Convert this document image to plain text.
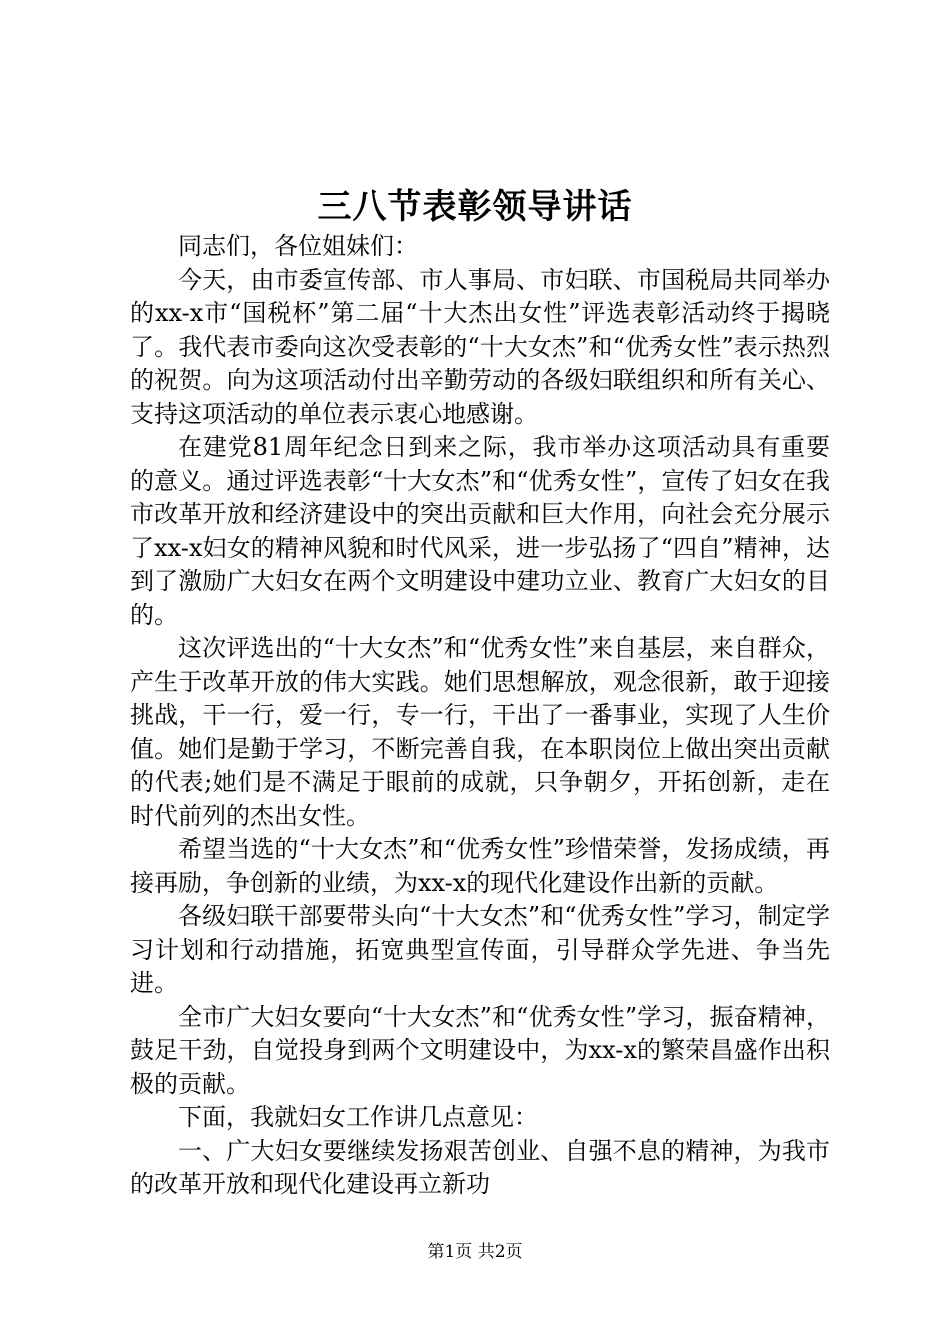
三八节表彰领导讲话

同志们，各位姐妹们：

今天，由市委宣传部、市人事局、市妇联、市国税局共同举办的xx-x市“国税杯”第二届“十大杰出女性”评选表彰活动终于揭晓了。我代表市委向这次受表彰的“十大女杰”和“优秀女性”表示热烈的祝贺。向为这项活动付出辛勤劳动的各级妇联组织和所有关心、支持这项活动的单位表示衷心地感谢。

在建党81周年纪念日到来之际，我市举办这项活动具有重要的意义。通过评选表彰“十大女杰”和“优秀女性”，宣传了妇女在我市改革开放和经济建设中的突出贡献和巨大作用，向社会充分展示了xx-x妇女的精神风貌和时代风采，进一步弘扬了“四自”精神，达到了激励广大妇女在两个文明建设中建功立业、教育广大妇女的目的。

这次评选出的“十大女杰”和“优秀女性”来自基层，来自群众，产生于改革开放的伟大实践。她们思想解放，观念很新，敢于迎接挑战，干一行，爱一行，专一行，干出了一番事业，实现了人生价值。她们是勤于学习，不断完善自我，在本职岗位上做出突出贡献的代表;她们是不满足于眼前的成就，只争朝夕，开拓创新，走在时代前列的杰出女性。

希望当选的“十大女杰”和“优秀女性”珍惜荣誉，发扬成绩，再接再励，争创新的业绩，为xx-x的现代化建设作出新的贡献。

各级妇联干部要带头向“十大女杰”和“优秀女性”学习，制定学习计划和行动措施，拓宽典型宣传面，引导群众学先进、争当先进。

全市广大妇女要向“十大女杰”和“优秀女性”学习，振奋精神，鼓足干劲，自觉投身到两个文明建设中，为xx-x的繁荣昌盛作出积极的贡献。

下面，我就妇女工作讲几点意见：

一、广大妇女要继续发扬艰苦创业、自强不息的精神，为我市的改革开放和现代化建设再立新功

第1页 共2页
